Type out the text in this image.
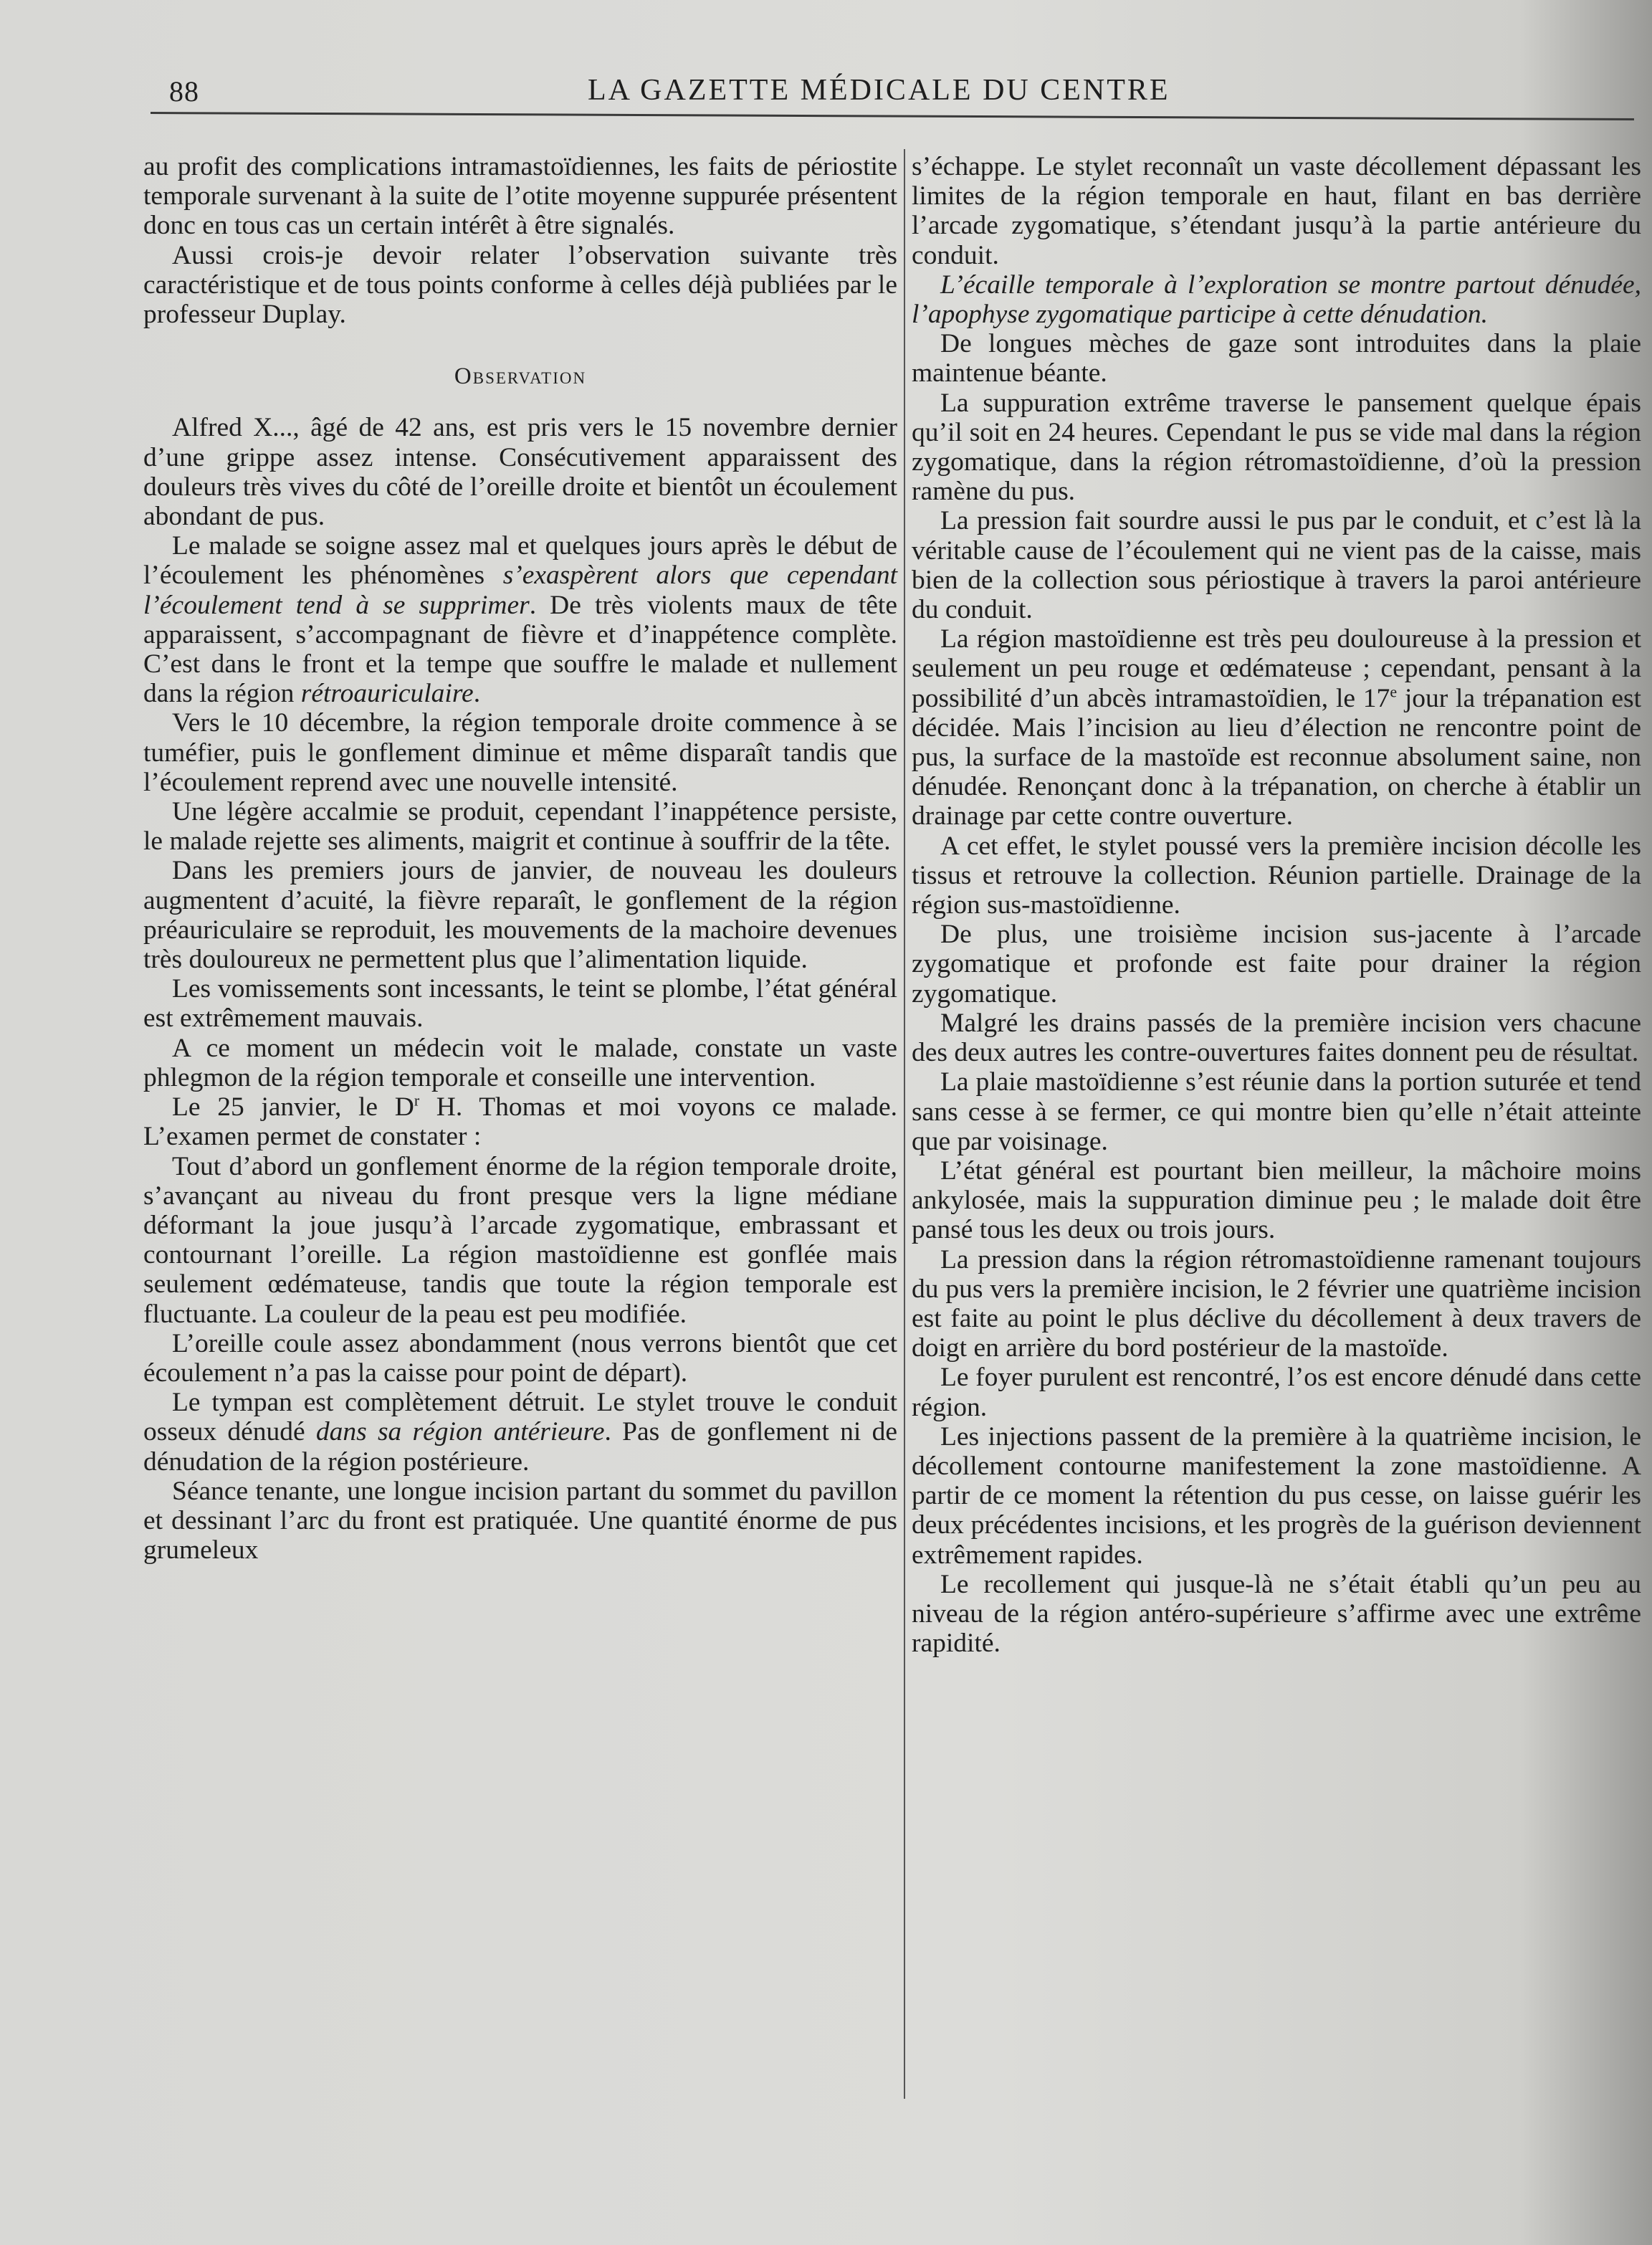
88	LA GAZETTE MÉDICALE DU CENTRE

au profit des complications intramastoïdiennes, les faits de périostite temporale survenant à la suite de l’otite moyenne suppurée présentent donc en tous cas un certain intérêt à être signalés.

Aussi crois-je devoir relater l’observation suivante très caractéristique et de tous points conforme à celles déjà publiées par le professeur Duplay.

Observation

Alfred X..., âgé de 42 ans, est pris vers le 15 novembre dernier d’une grippe assez intense. Consécutivement apparaissent des douleurs très vives du côté de l’oreille droite et bientôt un écoulement abondant de pus.

Le malade se soigne assez mal et quelques jours après le début de l’écoulement les phénomènes s’exaspèrent alors que cependant l’écoulement tend à se supprimer. De très violents maux de tête apparaissent, s’accompagnant de fièvre et d’inappétence complète. C’est dans le front et la tempe que souffre le malade et nullement dans la région rétroauriculaire.

Vers le 10 décembre, la région temporale droite commence à se tuméfier, puis le gonflement diminue et même disparaît tandis que l’écoulement reprend avec une nouvelle intensité.

Une légère accalmie se produit, cependant l’inappétence persiste, le malade rejette ses aliments, maigrit et continue à souffrir de la tête.

Dans les premiers jours de janvier, de nouveau les douleurs augmentent d’acuité, la fièvre reparaît, le gonflement de la région préauriculaire se reproduit, les mouvements de la machoire devenues très douloureux ne permettent plus que l’alimentation liquide.

Les vomissements sont incessants, le teint se plombe, l’état général est extrêmement mauvais.

A ce moment un médecin voit le malade, constate un vaste phlegmon de la région temporale et conseille une intervention.

Le 25 janvier, le $D^r$ H. Thomas et moi voyons ce malade. L’examen permet de constater :

Tout d’abord un gonflement énorme de la région temporale droite, s’avançant au niveau du front presque vers la ligne médiane déformant la joue jusqu’à l’arcade zygomatique, embrassant et contournant l’oreille. La région mastoïdienne est gonflée mais seulement œdémateuse, tandis que toute la région temporale est fluctuante. La couleur de la peau est peu modifiée.

L’oreille coule assez abondamment (nous verrons bientôt que cet écoulement n’a pas la caisse pour point de départ).

Le tympan est complètement détruit. Le stylet trouve le conduit osseux dénudé dans sa région antérieure. Pas de gonflement ni de dénudation de la région postérieure.

Séance tenante, une longue incision partant du sommet du pavillon et dessinant l’arc du front est pratiquée. Une quantité énorme de pus grumeleux

s’échappe. Le stylet reconnaît un vaste décollement dépassant les limites de la région temporale en haut, filant en bas derrière l’arcade zygomatique, s’étendant jusqu’à la partie antérieure du conduit.

L’écaille temporale à l’exploration se montre partout dénudée, l’apophyse zygomatique participe à cette dénudation.

De longues mèches de gaze sont introduites dans la plaie maintenue béante.

La suppuration extrême traverse le pansement quelque épais qu’il soit en 24 heures. Cependant le pus se vide mal dans la région zygomatique, dans la région rétromastoïdienne, d’où la pression ramène du pus.

La pression fait sourdre aussi le pus par le conduit, et c’est là la véritable cause de l’écoulement qui ne vient pas de la caisse, mais bien de la collection sous périostique à travers la paroi antérieure du conduit.

La région mastoïdienne est très peu douloureuse à la pression et seulement un peu rouge et œdémateuse ; cependant, pensant à la possibilité d’un abcès intramastoïdien, le 17e jour la trépanation est décidée. Mais l’incision au lieu d’élection ne rencontre point de pus, la surface de la mastoïde est reconnue absolument saine, non dénudée. Renonçant donc à la trépanation, on cherche à établir un drainage par cette contre ouverture.

A cet effet, le stylet poussé vers la première incision décolle les tissus et retrouve la collection. Réunion partielle. Drainage de la région sus-mastoïdienne.

De plus, une troisième incision sus-jacente à l’arcade zygomatique et profonde est faite pour drainer la région zygomatique.

Malgré les drains passés de la première incision vers chacune des deux autres les contre-ouvertures faites donnent peu de résultat.

La plaie mastoïdienne s’est réunie dans la portion suturée et tend sans cesse à se fermer, ce qui montre bien qu’elle n’était atteinte que par voisinage.

L’état général est pourtant bien meilleur, la mâchoire moins ankylosée, mais la suppuration diminue peu ; le malade doit être pansé tous les deux ou trois jours.

La pression dans la région rétromastoïdienne ramenant toujours du pus vers la première incision, le 2 février une quatrième incision est faite au point le plus déclive du décollement à deux travers de doigt en arrière du bord postérieur de la mastoïde.

Le foyer purulent est rencontré, l’os est encore dénudé dans cette région.

Les injections passent de la première à la quatrième incision, le décollement contourne manifestement la zone mastoïdienne. A partir de ce moment la rétention du pus cesse, on laisse guérir les deux précédentes incisions, et les progrès de la guérison deviennent extrêmement rapides.

Le recollement qui jusque-là ne s’était établi qu’un peu au niveau de la région antéro-supérieure s’affirme avec une extrême rapidité.
